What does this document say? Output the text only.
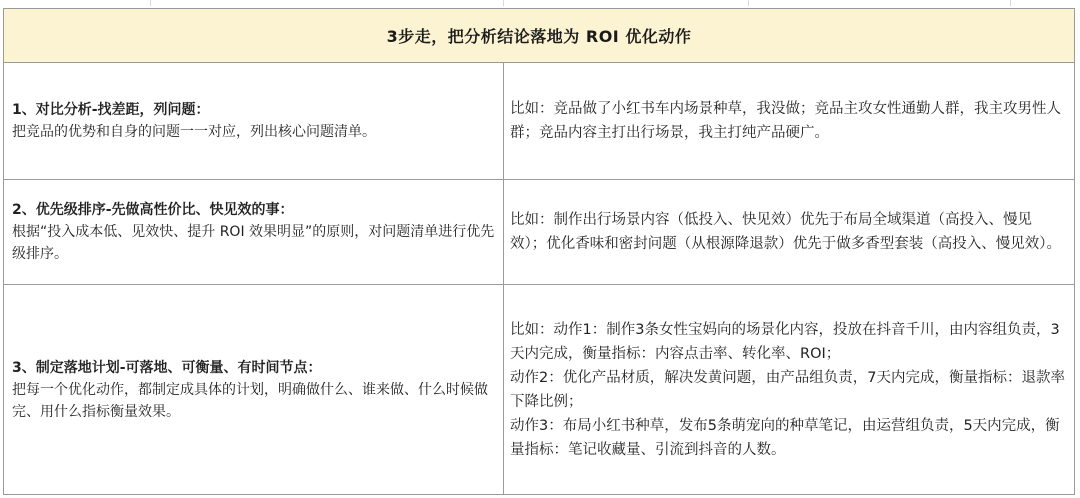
3步走，把分析结论落地为 ROI 优化动作

1、对比分析-找差距，列问题：

把竞品的优势和自身的问题一一对应，列出核心问题清单。

比如：竞品做了小红书车内场景种草，我没做；竞品主攻女性通勤人群，我主攻男性人群；竞品内容主打出行场景，我主打纯产品硬广。

2、优先级排序-先做高性价比、快见效的事：

根据“投入成本低、见效快、提升 ROI 效果明显”的原则，对问题清单进行优先级排序。

比如：制作出行场景内容（低投入、快见效）优先于布局全域渠道（高投入、慢见效）；优化香味和密封问题（从根源降退款）优先于做多香型套装（高投入、慢见效）。

3、制定落地计划-可落地、可衡量、有时间节点：

把每一个优化动作，都制定成具体的计划，明确做什么、谁来做、什么时候做完、用什么指标衡量效果。

比如：动作1：制作3条女性宝妈向的场景化内容，投放在抖音千川，由内容组负责，3天内完成，衡量指标：内容点击率、转化率、ROI；
动作2：优化产品材质，解决发黄问题，由产品组负责，7天内完成，衡量指标：退款率下降比例；
动作3：布局小红书种草，发布5条萌宠向的种草笔记，由运营组负责，5天内完成，衡量指标：笔记收藏量、引流到抖音的人数。
